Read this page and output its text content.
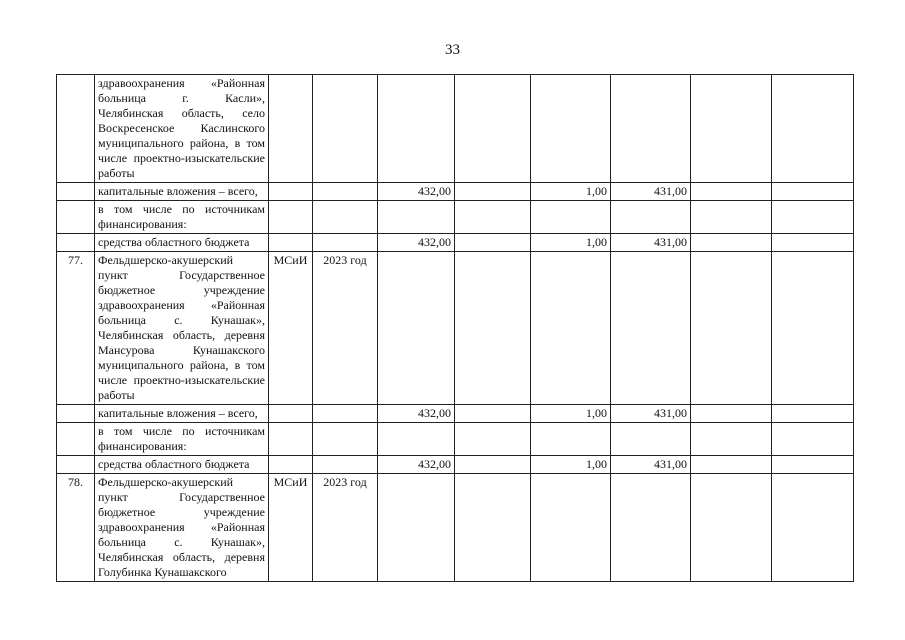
33
	здравоохранения «Районная больница г. Касли», Челябинская область, село Воскресенское Каслинского муниципального района, в том числе проектно-изыскательские работы								
	капитальные вложения – всего,			432,00		1,00	431,00		
	в том числе по источникам финансирования:								
	средства областного бюджета			432,00		1,00	431,00		
77.	Фельдшерско-акушерский пункт Государственное бюджетное учреждение здравоохранения «Районная больница с. Кунашак», Челябинская область, деревня Мансурова Кунашакского муниципального района, в том числе проектно-изыскательские работы	МСиИ	2023 год						
	капитальные вложения – всего,			432,00		1,00	431,00		
	в том числе по источникам финансирования:								
	средства областного бюджета			432,00		1,00	431,00		
78.	Фельдшерско-акушерский пункт Государственное бюджетное учреждение здравоохранения «Районная больница с. Кунашак», Челябинская область, деревня Голубинка Кунашакского	МСиИ	2023 год						
